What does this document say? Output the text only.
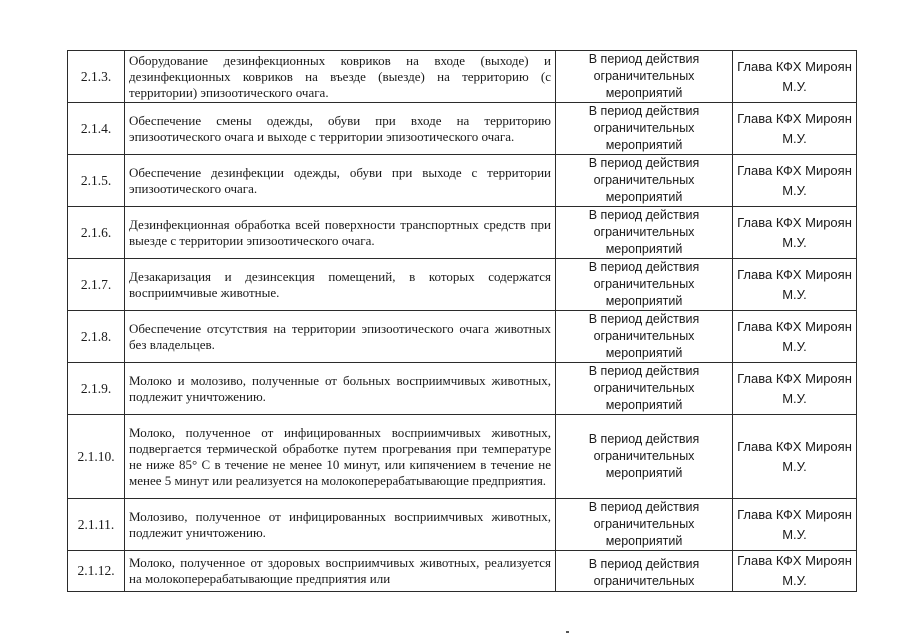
2.1.3.	Оборудование дезинфекционных ковриков на входе (выходе) и дезинфекционных ковриков на въезде (выезде) на территорию (с территории) эпизоотического очага.	В период действия ограничительных мероприятий	Глава КФХ Мироян М.У.
2.1.4.	Обеспечение смены одежды, обуви при входе на территорию эпизоотического очага и выходе с территории эпизоотического очага.	В период действия ограничительных мероприятий	Глава КФХ Мироян М.У.
2.1.5.	Обеспечение дезинфекции одежды, обуви при выходе с территории эпизоотического очага.	В период действия ограничительных мероприятий	Глава КФХ Мироян М.У.
2.1.6.	Дезинфекционная обработка всей поверхности транспортных средств при выезде с территории эпизоотического очага.	В период действия ограничительных мероприятий	Глава КФХ Мироян М.У.
2.1.7.	Дезакаризация и дезинсекция помещений, в которых содержатся восприимчивые животные.	В период действия ограничительных мероприятий	Глава КФХ Мироян М.У.
2.1.8.	Обеспечение отсутствия на территории эпизоотического очага животных без владельцев.	В период действия ограничительных мероприятий	Глава КФХ Мироян М.У.
2.1.9.	Молоко и молозиво, полученные от больных восприимчивых животных, подлежит уничтожению.	В период действия ограничительных мероприятий	Глава КФХ Мироян М.У.
2.1.10.	Молоко, полученное от инфицированных восприимчивых животных, подвергается термической обработке путем прогревания при температуре не ниже 85° С в течение не менее 10 минут, или кипячением в течение не менее 5 минут или реализуется на молокоперерабатывающие предприятия.	В период действия ограничительных мероприятий	Глава КФХ Мироян М.У.
2.1.11.	Молозиво, полученное от инфицированных восприимчивых животных, подлежит уничтожению.	В период действия ограничительных мероприятий	Глава КФХ Мироян М.У.
2.1.12.	Молоко, полученное от здоровых восприимчивых животных, реализуется на молокоперерабатывающие предприятия или	В период действия ограничительных	Глава КФХ Мироян М.У.
